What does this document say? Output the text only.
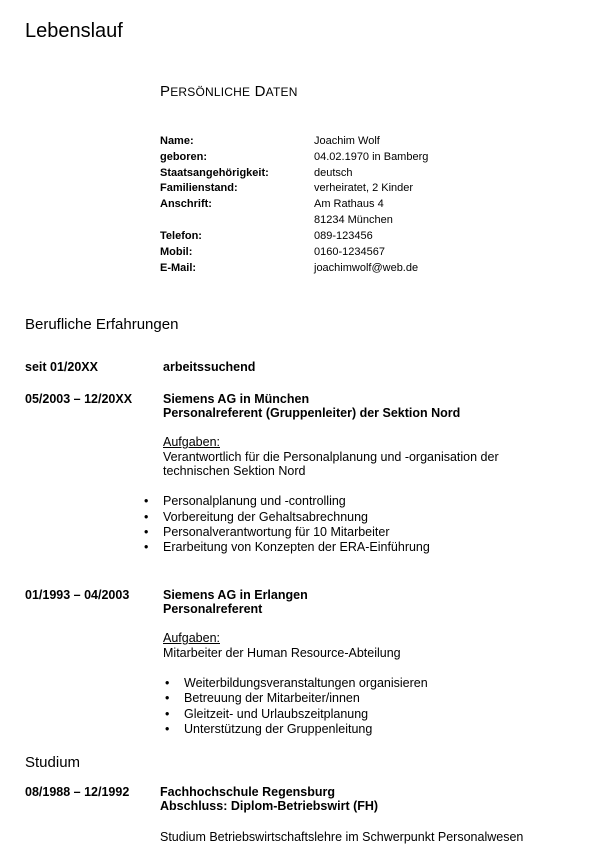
Lebenslauf
PERSÖNLICHE DATEN
Name:	Joachim Wolf
geboren:	04.02.1970 in Bamberg
Staatsangehörigkeit:	deutsch
Familienstand:	verheiratet, 2 Kinder
Anschrift:	Am Rathaus 4
81234 München
Telefon:	089-123456
Mobil:	0160-1234567
E-Mail:	joachimwolf@web.de
Berufliche Erfahrungen
seit 01/20XX	arbeitssuchend
05/2003 – 12/20XX Siemens AG in München
Personalreferent (Gruppenleiter) der Sektion Nord
Aufgaben:
Verantwortlich für die Personalplanung und -organisation der
technischen Sektion Nord
• Personalplanung und -controlling
• Vorbereitung der Gehaltsabrechnung
• Personalverantwortung für 10 Mitarbeiter
• Erarbeitung von Konzepten der ERA-Einführung
01/1993 – 04/2003	Siemens AG in Erlangen
Personalreferent
Aufgaben:
Mitarbeiter der Human Resource-Abteilung
• Weiterbildungsveranstaltungen organisieren
• Betreuung der Mitarbeiter/innen
• Gleitzeit- und Urlaubszeitplanung
• Unterstützung der Gruppenleitung
Studium
08/1988 – 12/1992 Fachhochschule Regensburg
Abschluss: Diplom-Betriebswirt (FH)
Studium Betriebswirtschaftslehre im Schwerpunkt Personalwesen
